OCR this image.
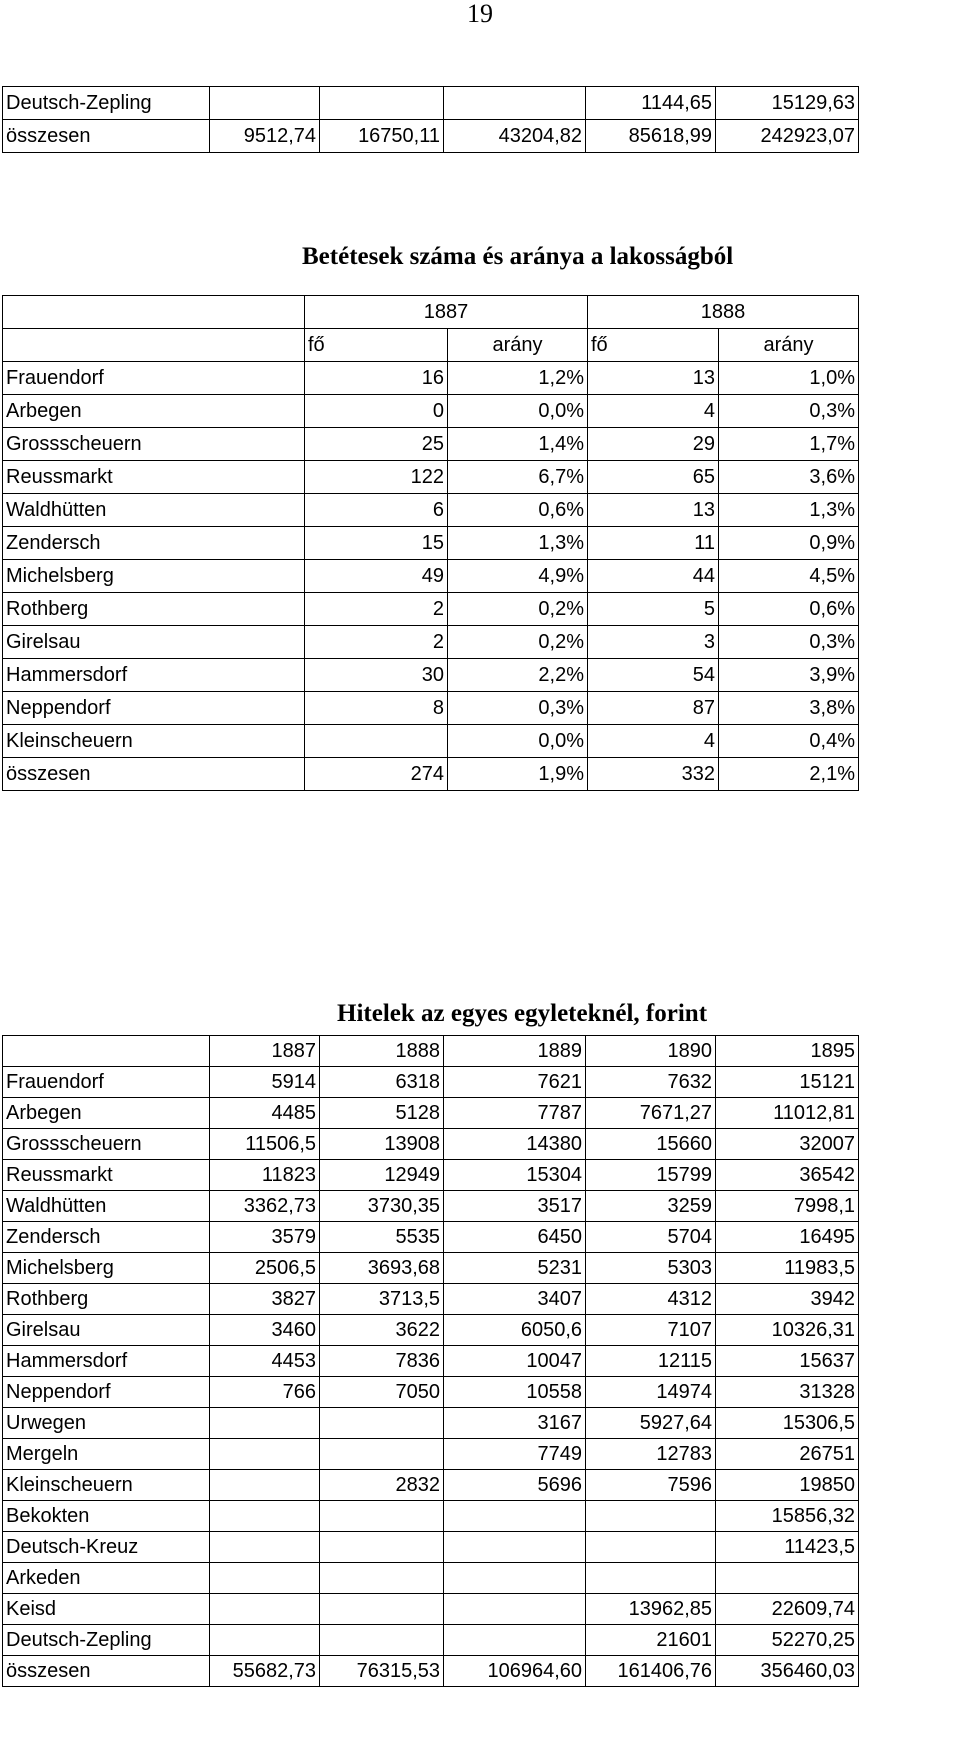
19
Deutsch-Zepling				1144,65	15129,63
összesen	9512,74	16750,11	43204,82	85618,99	242923,07
Betétesek száma és aránya a lakosságból
	1887		1888	
	fő	arány	fő	arány
Frauendorf	16	1,2%	13	1,0%
Arbegen	0	0,0%	4	0,3%
Grossscheuern	25	1,4%	29	1,7%
Reussmarkt	122	6,7%	65	3,6%
Waldhütten	6	0,6%	13	1,3%
Zendersch	15	1,3%	11	0,9%
Michelsberg	49	4,9%	44	4,5%
Rothberg	2	0,2%	5	0,6%
Girelsau	2	0,2%	3	0,3%
Hammersdorf	30	2,2%	54	3,9%
Neppendorf	8	0,3%	87	3,8%
Kleinscheuern		0,0%	4	0,4%
összesen	274	1,9%	332	2,1%
Hitelek az egyes egyleteknél, forint
	1887	1888	1889	1890	1895
Frauendorf	5914	6318	7621	7632	15121
Arbegen	4485	5128	7787	7671,27	11012,81
Grossscheuern	11506,5	13908	14380	15660	32007
Reussmarkt	11823	12949	15304	15799	36542
Waldhütten	3362,73	3730,35	3517	3259	7998,1
Zendersch	3579	5535	6450	5704	16495
Michelsberg	2506,5	3693,68	5231	5303	11983,5
Rothberg	3827	3713,5	3407	4312	3942
Girelsau	3460	3622	6050,6	7107	10326,31
Hammersdorf	4453	7836	10047	12115	15637
Neppendorf	766	7050	10558	14974	31328
Urwegen			3167	5927,64	15306,5
Mergeln			7749	12783	26751
Kleinscheuern		2832	5696	7596	19850
Bekokten					15856,32
Deutsch-Kreuz					11423,5
Arkeden					
Keisd				13962,85	22609,74
Deutsch-Zepling				21601	52270,25
összesen	55682,73	76315,53	106964,60	161406,76	356460,03
